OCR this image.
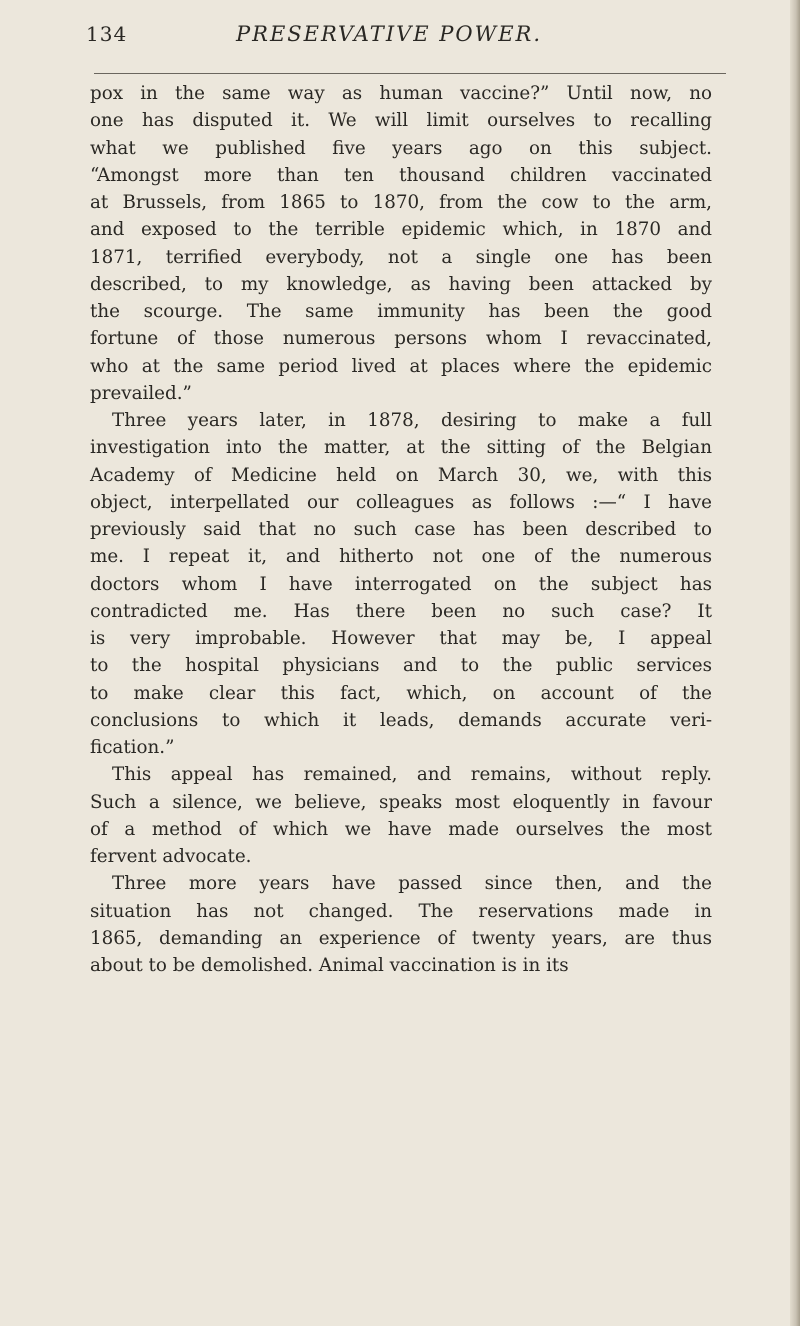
134	PRESERVATIVE POWER.

pox in the same way as human vaccine?” Until now, no
one has disputed it. We will limit ourselves to recalling
what we published five years ago on this subject.
“Amongst more than ten thousand children vaccinated
at Brussels, from 1865 to 1870, from the cow to the arm,
and exposed to the terrible epidemic which, in 1870 and
1871, terrified everybody, not a single one has been
described, to my knowledge, as having been attacked by
the scourge. The same immunity has been the good
fortune of those numerous persons whom I revaccinated,
who at the same period lived at places where the epidemic
prevailed.”

Three years later, in 1878, desiring to make a full
investigation into the matter, at the sitting of the Belgian
Academy of Medicine held on March 30, we, with this
object, interpellated our colleagues as follows :—“ I have
previously said that no such case has been described to
me. I repeat it, and hitherto not one of the numerous
doctors whom I have interrogated on the subject has
contradicted me. Has there been no such case? It
is very improbable. However that may be, I appeal
to the hospital physicians and to the public services
to make clear this fact, which, on account of the
conclusions to which it leads, demands accurate veri-
fication.”

This appeal has remained, and remains, without reply.
Such a silence, we believe, speaks most eloquently in favour
of a method of which we have made ourselves the most
fervent advocate.

Three more years have passed since then, and the
situation has not changed. The reservations made in
1865, demanding an experience of twenty years, are thus
about to be demolished. Animal vaccination is in its
